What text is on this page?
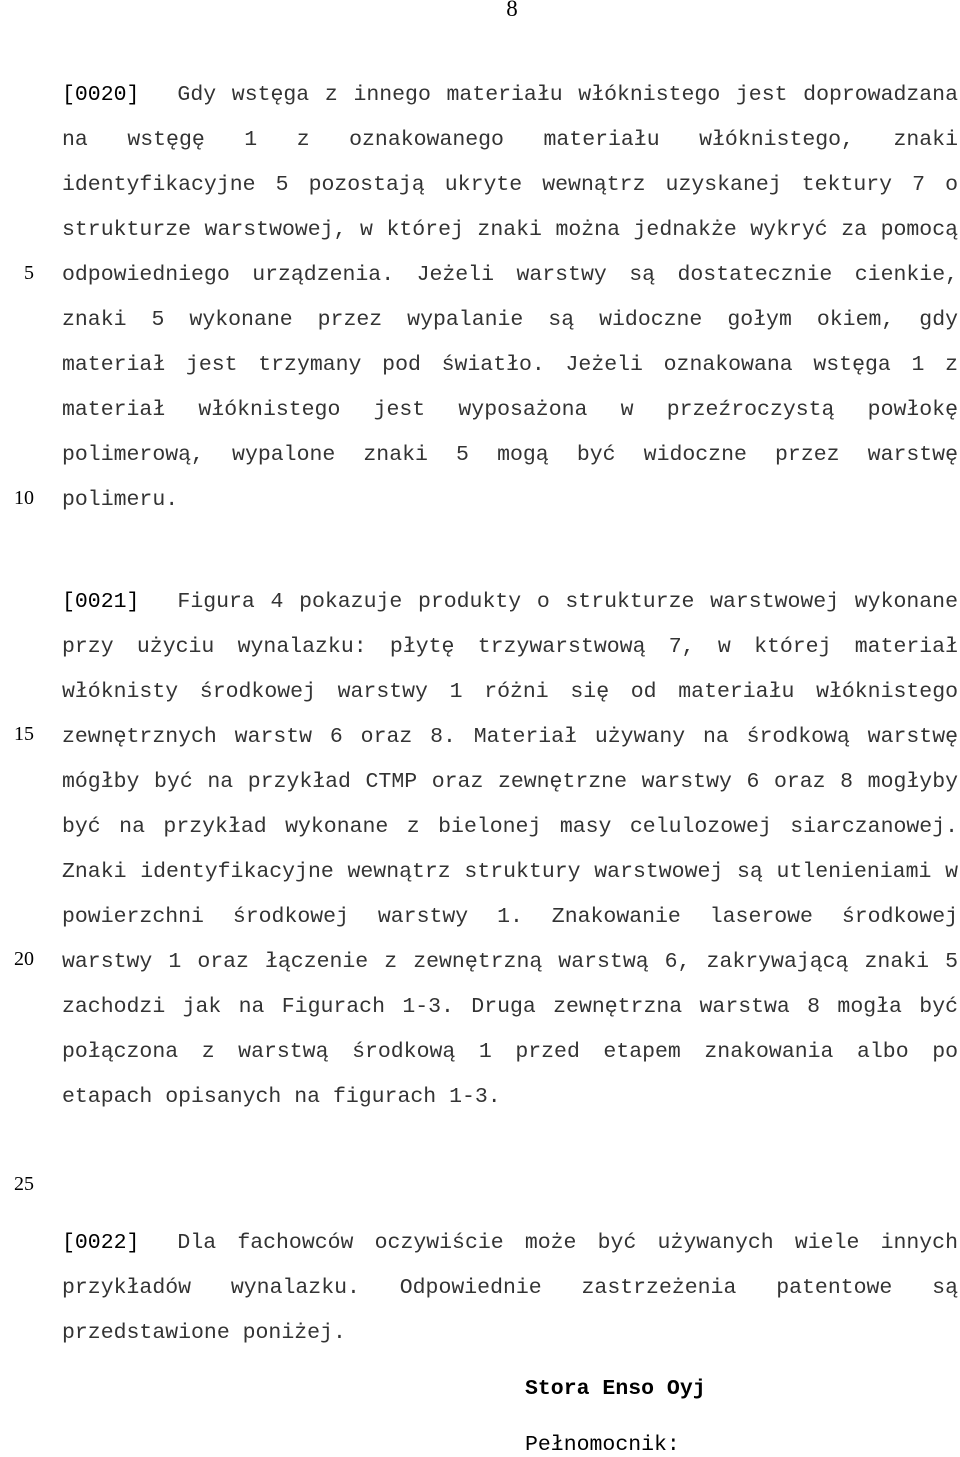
8
5
10
15
20
25

[0020] Gdy wstęga z innego materiału włóknistego jest doprowadzana na wstęgę 1 z oznakowanego materiału włóknistego, znaki identyfikacyjne 5 pozostają ukryte wewnątrz uzyskanej tektury 7 o strukturze warstwowej, w której znaki można jednakże wykryć za pomocą odpowiedniego urządzenia. Jeżeli warstwy są dostatecznie cienkie, znaki 5 wykonane przez wypalanie są widoczne gołym okiem, gdy materiał jest trzymany pod światło. Jeżeli oznakowana wstęga 1 z materiał włóknistego jest wyposażona w przeźroczystą powłokę polimerową, wypalone znaki 5 mogą być widoczne przez warstwę polimeru.

[0021] Figura 4 pokazuje produkty o strukturze warstwowej wykonane przy użyciu wynalazku: płytę trzywarstwową 7, w której materiał włóknisty środkowej warstwy 1 różni się od materiału włóknistego zewnętrznych warstw 6 oraz 8. Materiał używany na środkową warstwę mógłby być na przykład CTMP oraz zewnętrzne warstwy 6 oraz 8 mogłyby być na przykład wykonane z bielonej masy celulozowej siarczanowej. Znaki identyfikacyjne wewnątrz struktury warstwowej są utlenieniami w powierzchni środkowej warstwy 1. Znakowanie laserowe środkowej warstwy 1 oraz łączenie z zewnętrzną warstwą 6, zakrywającą znaki 5 zachodzi jak na Figurach 1-3. Druga zewnętrzna warstwa 8 mogła być połączona z warstwą środkową 1 przed etapem znakowania albo po etapach opisanych na figurach 1-3.

[0022] Dla fachowców oczywiście może być używanych wiele innych przykładów wynalazku. Odpowiednie zastrzeżenia patentowe są przedstawione poniżej.

Stora Enso Oyj
Pełnomocnik:
